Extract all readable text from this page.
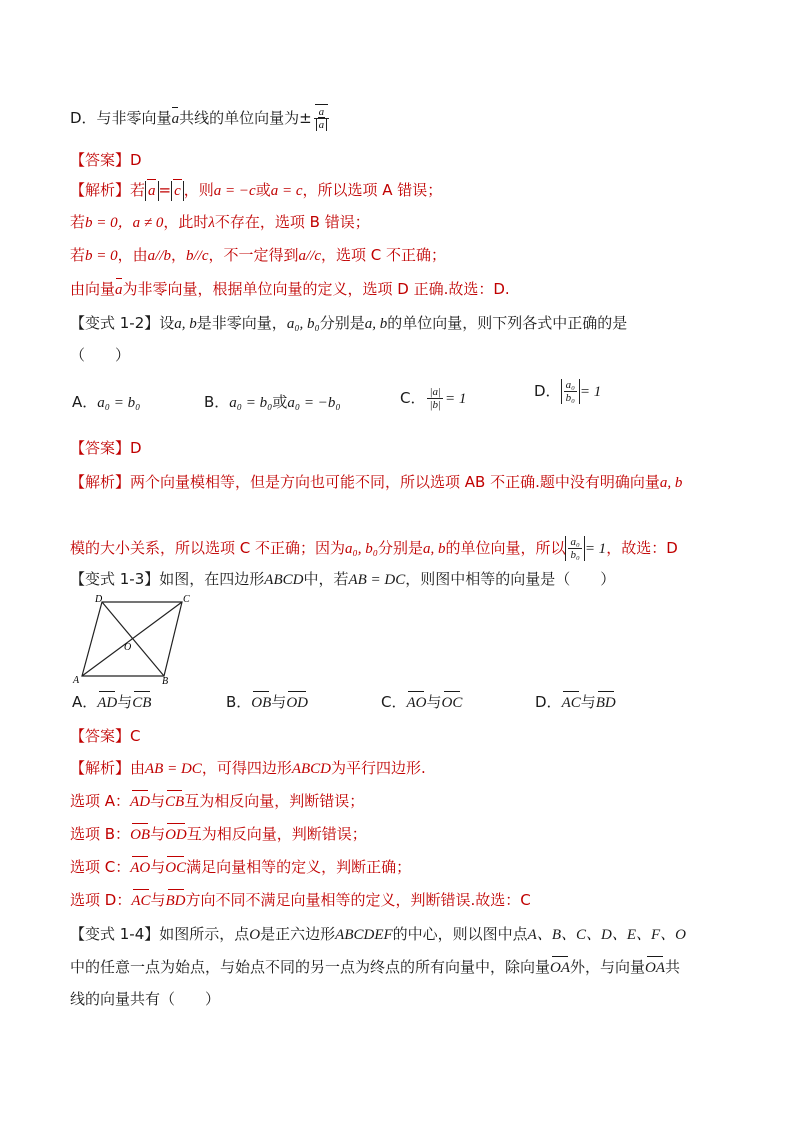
D．与非零向量a共线的单位向量为± $\frac{a}{a}$
【答案】D
【解析】若 a = c ，则a = −c或a = c，所以选项 A 错误；
若b = 0，a ≠ 0，此时λ不存在，选项 B 错误；
若b = 0，由a//b，b//c，不一定得到a//c，选项 C 不正确；
由向量a为非零向量，根据单位向量的定义，选项 D 正确.故选：D.
【变式 1-2】设a, b是非零向量，a₀, b₀分别是a, b的单位向量，则下列各式中正确的是
（　　）
A．a₀ = b₀	B．a₀ = b₀或a₀ = −b₀	C． $\frac{|a|}{|b|} = 1$	D． $\frac{\text{a₀}}{\text{b₀}} = 1$
【答案】D
【解析】两个向量模相等，但是方向也可能不同，所以选项 AB 不正确.题中没有明确向量a, b
模的大小关系，所以选项 C 不正确；因为a₀, b₀分别是a, b的单位向量，所以 $\frac{\text{a₀}}{\text{b₀}} = 1$，故选：D
【变式 1-3】如图，在四边形ABCD中，若AB = DC，则图中相等的向量是（　　）
D	C
O
A	B
A．AD与CB	B．OB与OD	C．AO与OC	D．AC与BD
【答案】C
【解析】由AB = DC，可得四边形ABCD为平行四边形.
选项 A：AD与CB互为相反向量，判断错误；
选项 B：OB与OD互为相反向量，判断错误；
选项 C：AO与OC满足向量相等的定义，判断正确；
选项 D：AC与BD方向不同不满足向量相等的定义，判断错误.故选：C
【变式 1-4】如图所示，点O是正六边形ABCDEF的中心，则以图中点A、B、C、D、E、F、O
中的任意一点为始点，与始点不同的另一点为终点的所有向量中，除向量OA外，与向量OA共
线的向量共有（　　）
